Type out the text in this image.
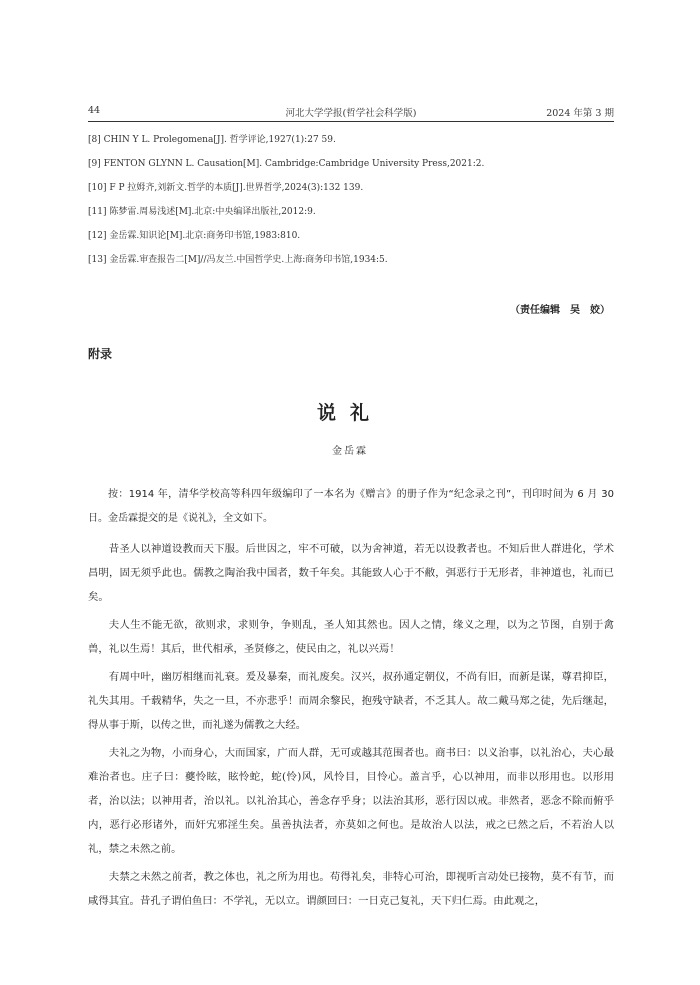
44	河北大学学报(哲学社会科学版)	2024 年第 3 期
[8] CHIN Y L. Prolegomena[J]. 哲学评论,1927(1):27 59.
[9] FENTON GLYNN L. Causation[M]. Cambridge:Cambridge University Press,2021:2.
[10] F P 拉姆齐,刘新文.哲学的本质[J].世界哲学,2024(3):132 139.
[11] 陈梦雷.周易浅述[M].北京:中央编译出版社,2012:9.
[12] 金岳霖.知识论[M].北京:商务印书馆,1983:810.
[13] 金岳霖.审查报告二[M]//冯友兰.中国哲学史.上海:商务印书馆,1934:5.
（责任编辑　吴　姣）
附录
说礼
金岳霖

按：1914 年，清华学校高等科四年级编印了一本名为《赠言》的册子作为“纪念录之刊”，刊印时间为 6 月 30 日。金岳霖提交的是《说礼》，全文如下。

昔圣人以神道设教而天下服。后世因之，牢不可破，以为舍神道，若无以设教者也。不知后世人群进化，学术昌明，固无须乎此也。儒教之陶治我中国者，数千年矣。其能致人心于不敝，弭恶行于无形者，非神道也，礼而已矣。

夫人生不能无欲，欲则求，求则争，争则乱，圣人知其然也。因人之情，缘义之理，以为之节图，自别于禽兽，礼以生焉！其后，世代相承，圣贤修之，使民由之，礼以兴焉！

有周中叶，幽厉相继而礼衰。爰及暴秦，而礼废矣。汉兴，叔孙通定朝仪，不尚有旧，而新是谋，尊君抑臣，礼失其用。千载精华，失之一旦，不亦悲乎！而周余黎民，抱残守缺者，不乏其人。故二戴马郑之徒，先后继起，得从事于斯，以传之世，而礼遂为儒教之大经。

夫礼之为物，小而身心，大而国家，广而人群，无可或越其范围者也。商书曰：以义治事，以礼治心，夫心最难治者也。庄子曰：夔怜眩，眩怜蛇，蛇(怜)风，风怜目，目怜心。盖言乎，心以神用，而非以形用也。以形用者，治以法；以神用者，治以礼。以礼治其心，善念存乎身；以法治其形，恶行因以戒。非然者，恶念不除而俯乎内，恶行必形诸外，而奸宄邪淫生矣。虽善执法者，亦莫如之何也。是故治人以法，戒之已然之后，不若治人以礼，禁之未然之前。

夫禁之未然之前者，教之体也，礼之所为用也。苟得礼矣，非特心可治，即视听言动处已接物，莫不有节，而咸得其宜。昔孔子谓伯鱼曰：不学礼，无以立。谓颜回曰：一日克己复礼，天下归仁焉。由此观之，
